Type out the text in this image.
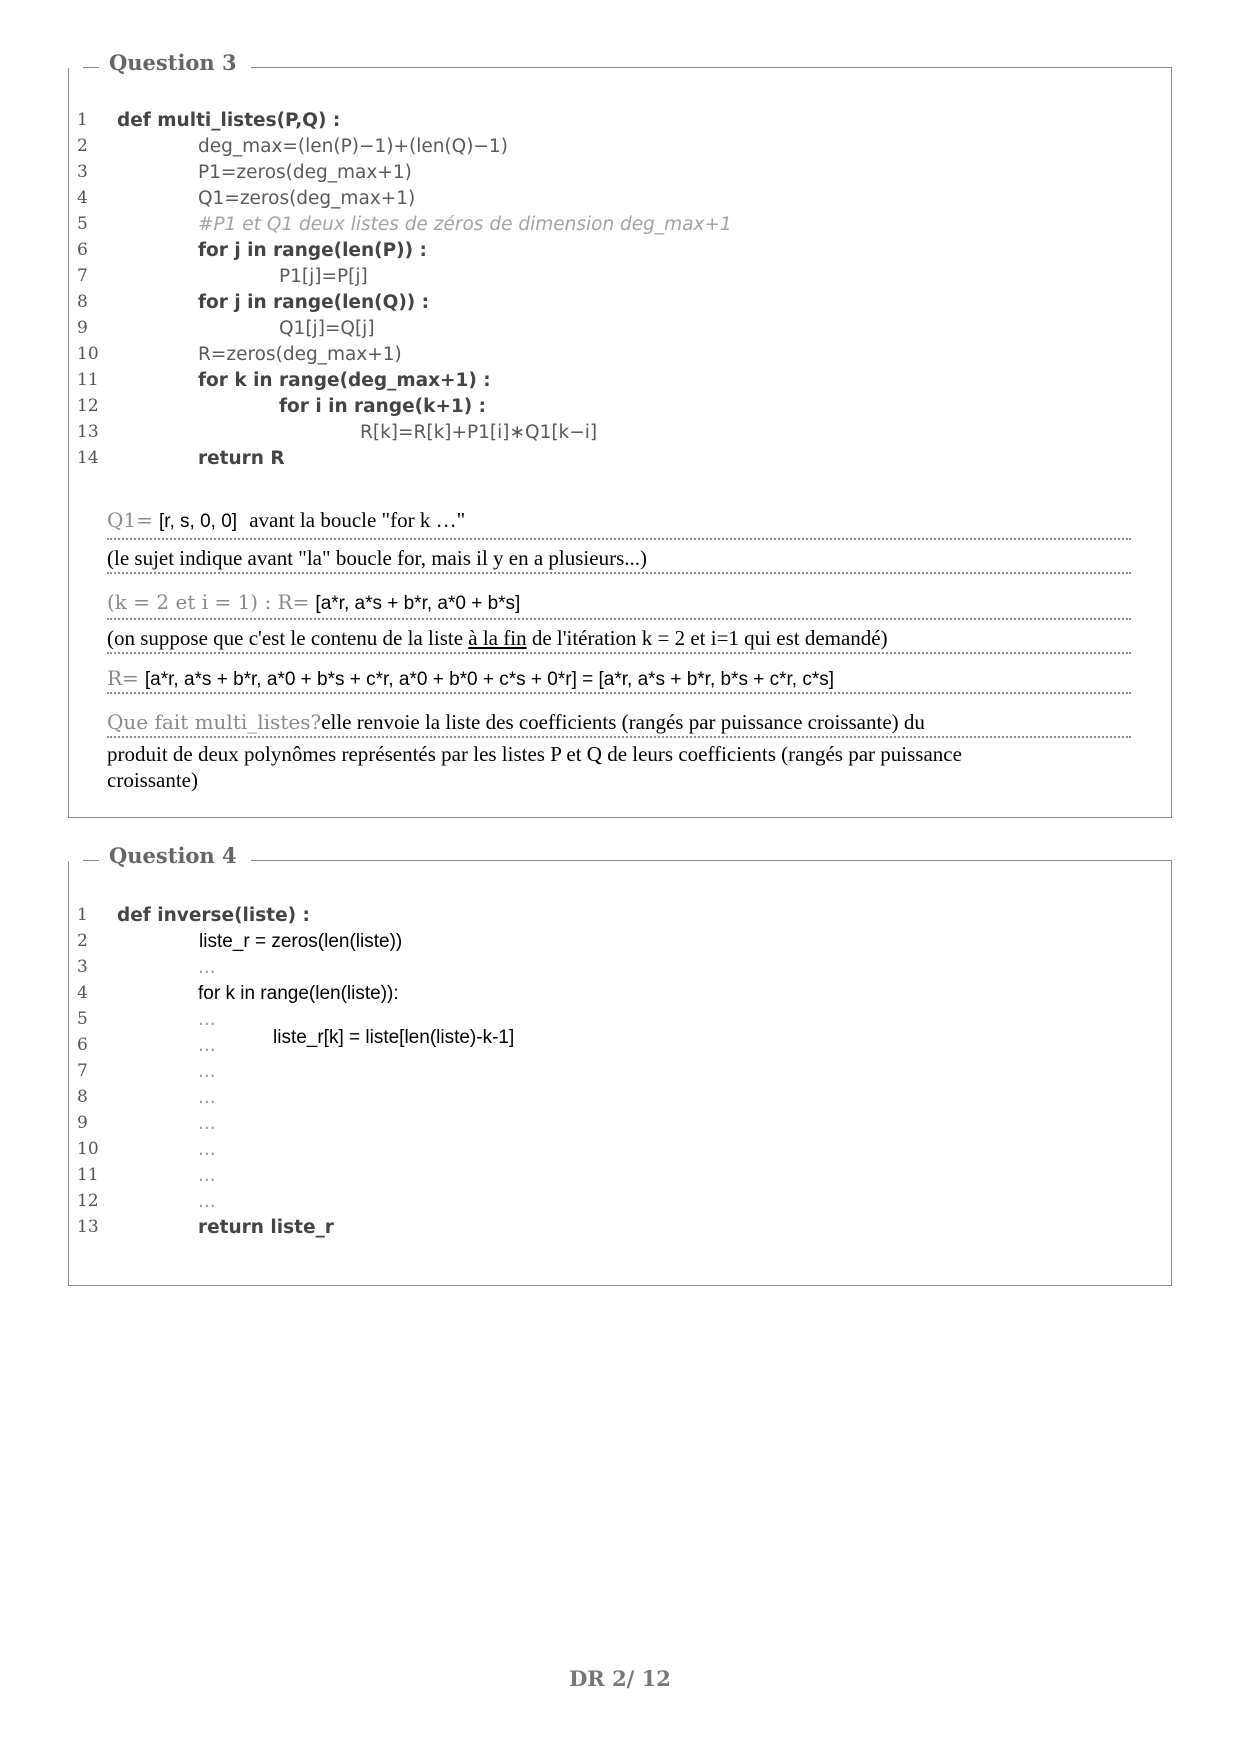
Question 3
1	def multi_listes(P,Q) :
2	deg_max=(len(P)−1)+(len(Q)−1)
3	P1=zeros(deg_max+1)
4	Q1=zeros(deg_max+1)
5	#P1 et Q1 deux listes de zéros de dimension deg_max+1
6	for j in range(len(P)) :
7	P1[j]=P[j]
8	for j in range(len(Q)) :
9	Q1[j]=Q[j]
10	R=zeros(deg_max+1)
11	for k in range(deg_max+1) :
12	for i in range(k+1) :
13	R[k]=R[k]+P1[i]∗Q1[k−i]
14	return R
Q1= [r, s, 0, 0] avant la boucle "for k …"
(le sujet indique avant "la" boucle for, mais il y en a plusieurs...)
(k = 2 et i = 1) : R= [a*r, a*s + b*r, a*0 + b*s]
(on suppose que c'est le contenu de la liste à la fin de l'itération k = 2 et i=1 qui est demandé)
R= [a*r, a*s + b*r, a*0 + b*s + c*r, a*0 + b*0 + c*s + 0*r] = [a*r, a*s + b*r, b*s + c*r, c*s]
Que fait multi_listes?elle renvoie la liste des coefficients (rangés par puissance croissante) du
produit de deux polynômes représentés par les listes P et Q de leurs coefficients (rangés par puissance
croissante)
Question 4
1	def inverse(liste) :
2	liste_r = zeros(len(liste))
3	...
4	for k in range(len(liste)):
5	...
6	...	liste_r[k] = liste[len(liste)-k-1]
7	...
8	...
9	...
10	...
11	...
12	...
13	return liste_r
DR 2/ 12
